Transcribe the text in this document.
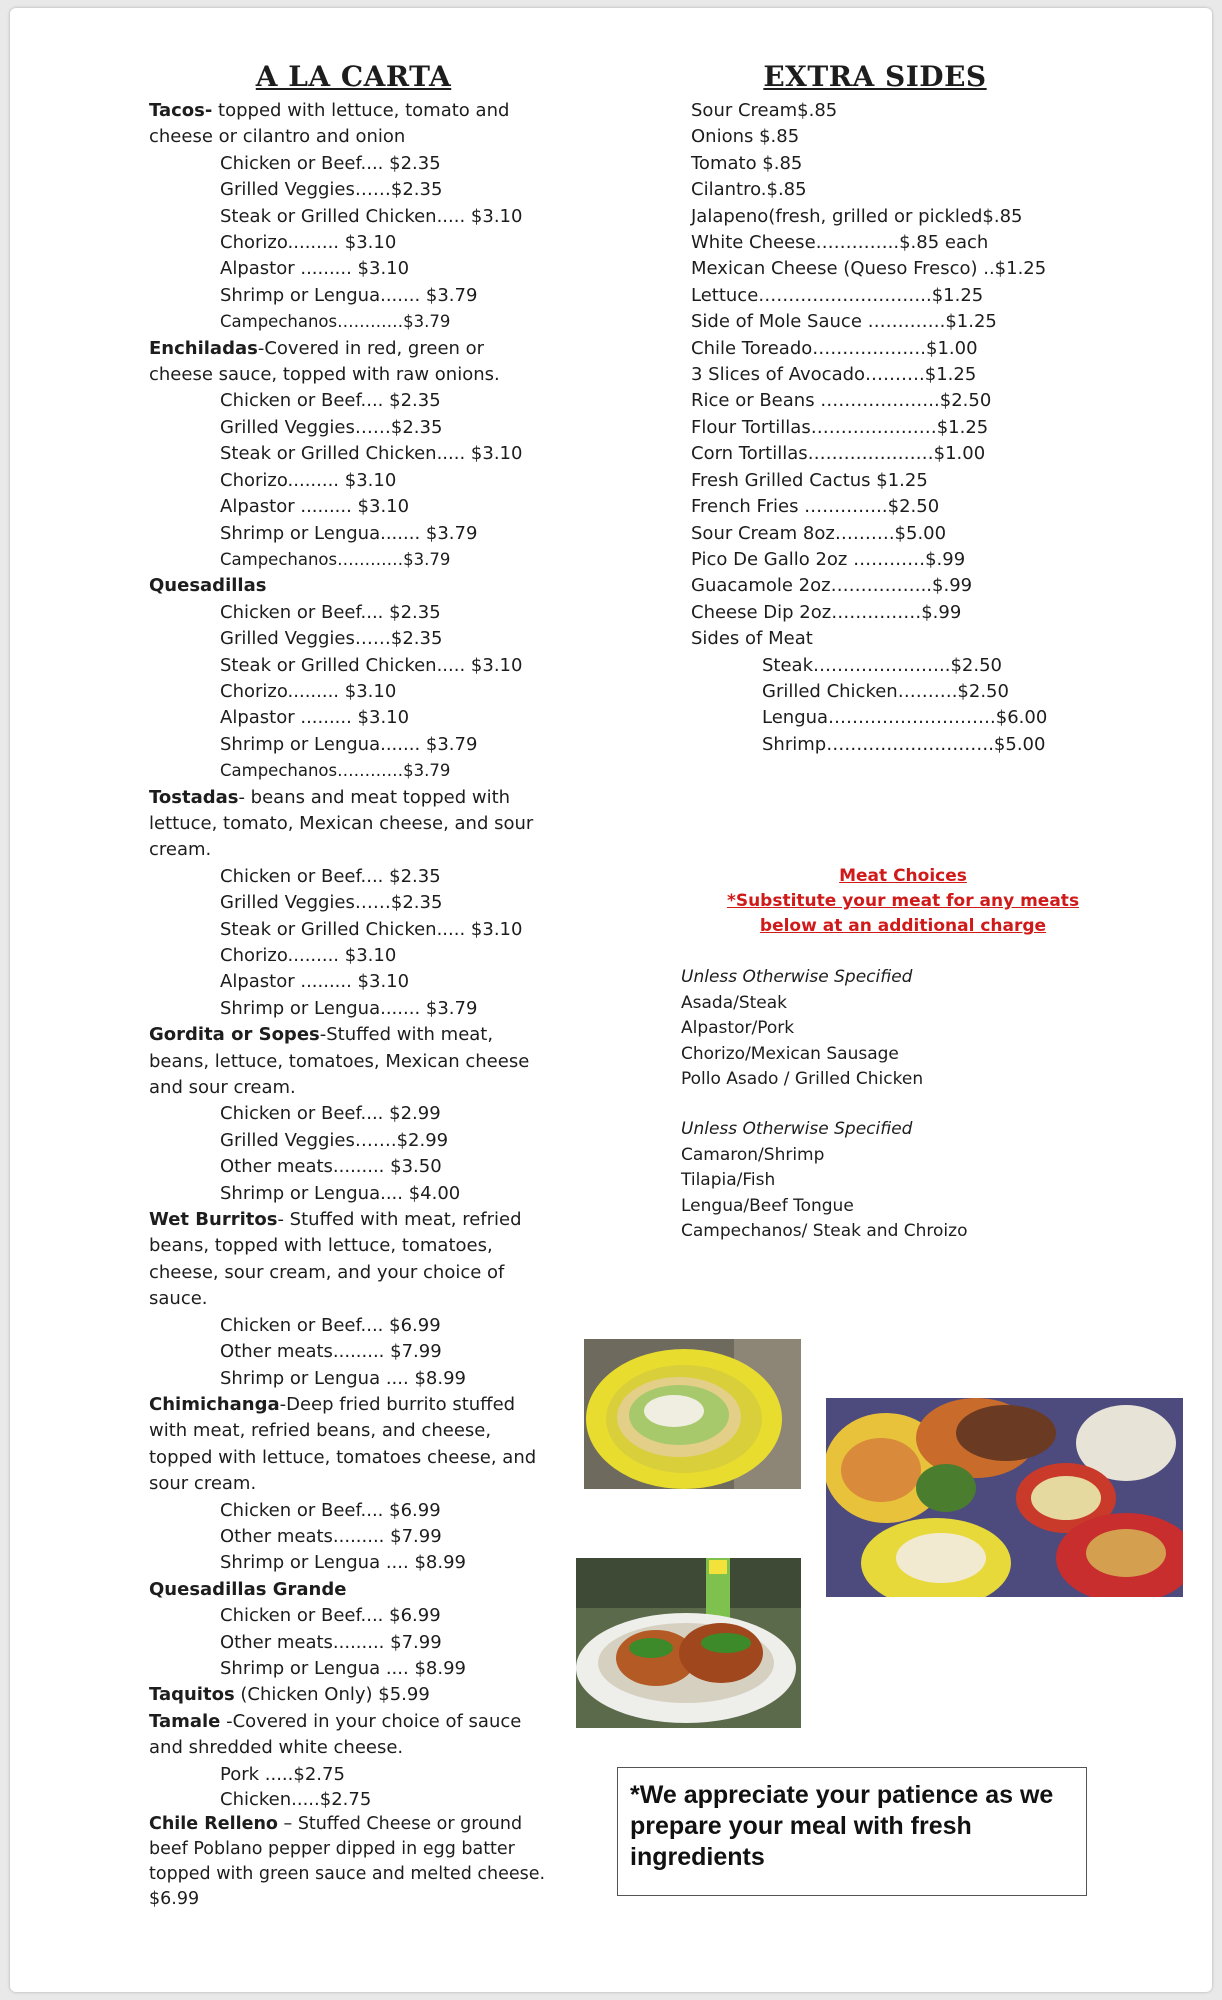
A LA CARTA
Tacos- topped with lettuce, tomato and cheese or cilantro and onion
Chicken or Beef.... $2.35
Grilled Veggies……$2.35
Steak or Grilled Chicken..... $3.10
Chorizo......... $3.10
Alpastor ......... $3.10
Shrimp or Lengua....... $3.79
Campechanos…………$3.79
Enchiladas-Covered in red, green or cheese sauce, topped with raw onions.
Chicken or Beef.... $2.35
Grilled Veggies……$2.35
Steak or Grilled Chicken..... $3.10
Chorizo......... $3.10
Alpastor ......... $3.10
Shrimp or Lengua....... $3.79
Campechanos…………$3.79
Quesadillas
Chicken or Beef.... $2.35
Grilled Veggies……$2.35
Steak or Grilled Chicken..... $3.10
Chorizo......... $3.10
Alpastor ......... $3.10
Shrimp or Lengua....... $3.79
Campechanos…………$3.79
Tostadas- beans and meat topped with lettuce, tomato, Mexican cheese, and sour cream.
Chicken or Beef.... $2.35
Grilled Veggies……$2.35
Steak or Grilled Chicken..... $3.10
Chorizo......... $3.10
Alpastor ......... $3.10
Shrimp or Lengua....... $3.79
Gordita or Sopes-Stuffed with meat, beans, lettuce, tomatoes, Mexican cheese and sour cream.
Chicken or Beef.... $2.99
Grilled Veggies…….$2.99
Other meats......... $3.50
Shrimp or Lengua.... $4.00
Wet Burritos- Stuffed with meat, refried beans, topped with lettuce, tomatoes, cheese, sour cream, and your choice of sauce.
Chicken or Beef.... $6.99
Other meats......... $7.99
Shrimp or Lengua .... $8.99
Chimichanga-Deep fried burrito stuffed with meat, refried beans, and cheese, topped with lettuce, tomatoes cheese, and sour cream.
Chicken or Beef.... $6.99
Other meats......... $7.99
Shrimp or Lengua .... $8.99
Quesadillas Grande
Chicken or Beef.... $6.99
Other meats......... $7.99
Shrimp or Lengua .... $8.99
Taquitos (Chicken Only) $5.99
Tamale -Covered in your choice of sauce and shredded white cheese.
Pork .....$2.75
Chicken.....$2.75
Chile Relleno – Stuffed Cheese or ground beef Poblano pepper dipped in egg batter topped with green sauce and melted cheese. $6.99
EXTRA SIDES
Sour Cream$.85
Onions $.85
Tomato $.85
Cilantro.$.85
Jalapeno(fresh, grilled or pickled$.85
White Cheese…………..$.85 each
Mexican Cheese (Queso Fresco) ..$1.25
Lettuce………………………..$1.25
Side of Mole Sauce ………….$1.25
Chile Toreado……………….$1.00
3 Slices of Avocado……….$1.25
Rice or Beans ………………..$2.50
Flour Tortillas…………………$1.25
Corn Tortillas…………………$1.00
Fresh Grilled Cactus $1.25
French Fries …………..$2.50
Sour Cream 8oz……….$5.00
Pico De Gallo 2oz …………$.99
Guacamole 2oz……………..$.99
Cheese Dip 2oz……………$.99
Sides of Meat
Steak…………………..$2.50
Grilled Chicken……….$2.50
Lengua……………………….$6.00
Shrimp……………………….$5.00
Meat Choices
*Substitute your meat for any meats
below at an additional charge
Unless Otherwise Specified
Asada/Steak
Alpastor/Pork
Chorizo/Mexican Sausage
Pollo Asado / Grilled Chicken
Unless Otherwise Specified
Camaron/Shrimp
Tilapia/Fish
Lengua/Beef Tongue
Campechanos/ Steak and Chroizo
*We appreciate your patience as we prepare your meal with fresh ingredients
